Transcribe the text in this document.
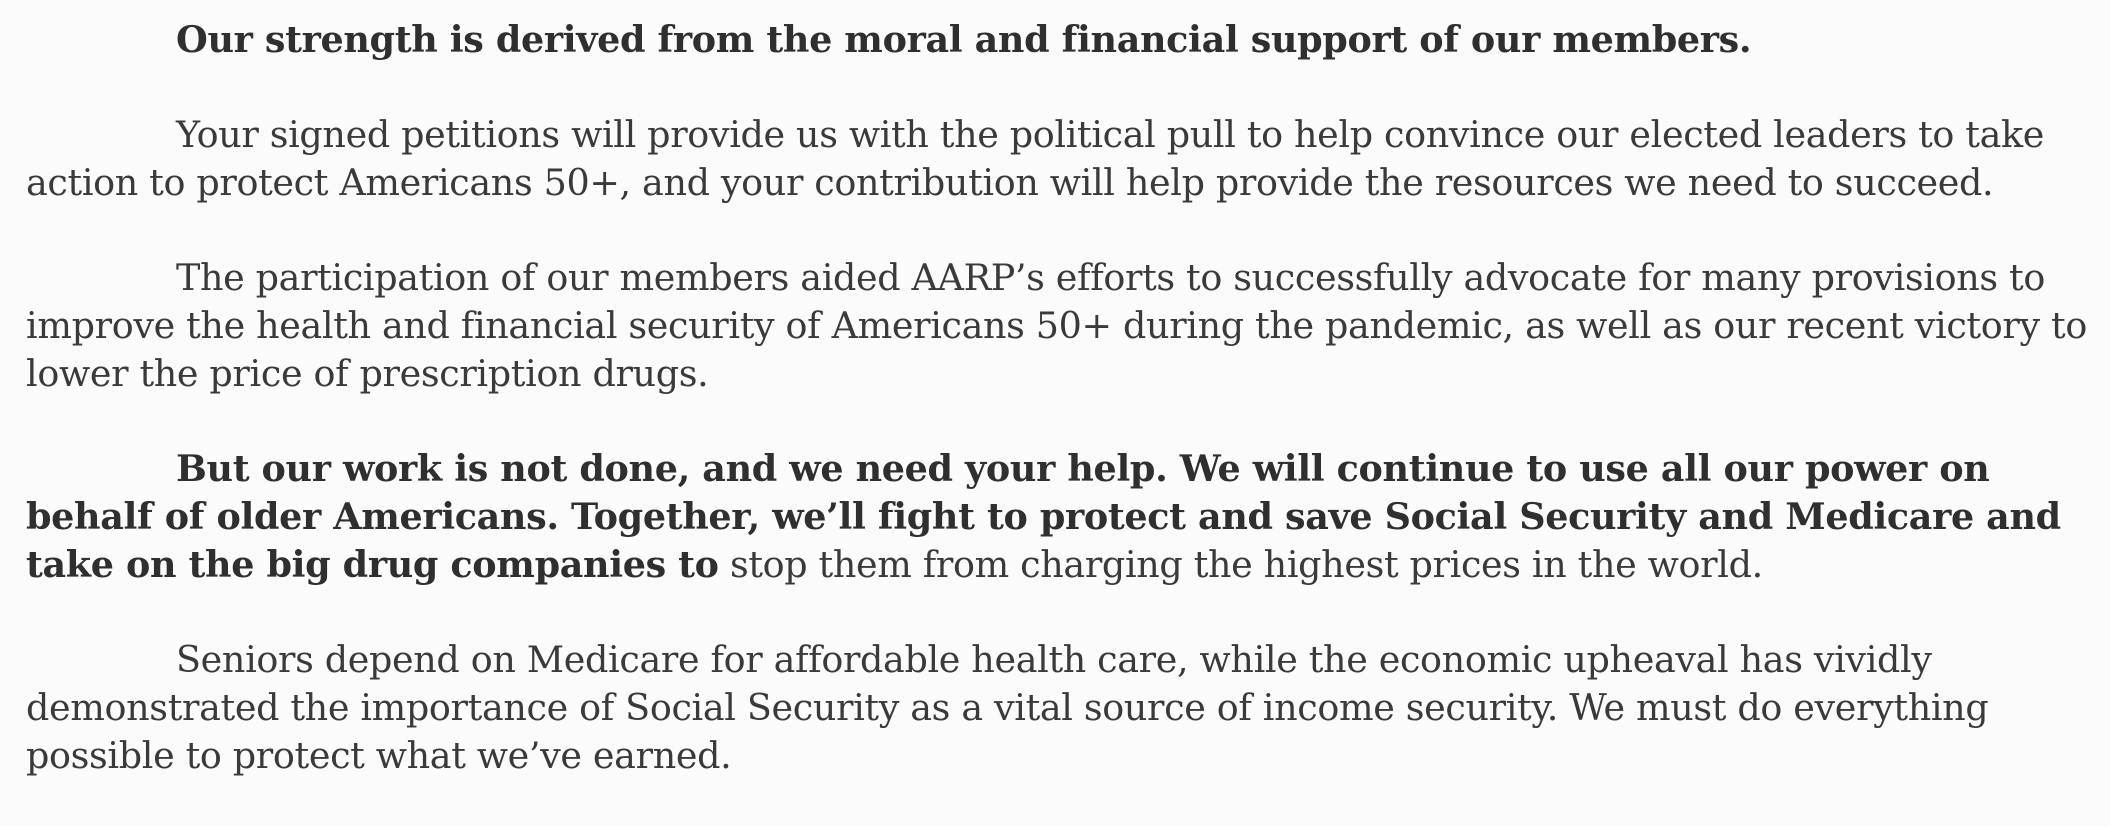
Our strength is derived from the moral and financial support of our members.

Your signed petitions will provide us with the political pull to help convince our elected leaders to take action to protect Americans 50+, and your contribution will help provide the resources we need to succeed.

The participation of our members aided AARP’s efforts to successfully advocate for many provisions to improve the health and financial security of Americans 50+ during the pandemic, as well as our recent victory to lower the price of prescription drugs.

But our work is not done, and we need your help. We will continue to use all our power on behalf of older Americans. Together, we’ll fight to protect and save Social Security and Medicare and take on the big drug companies to stop them from charging the highest prices in the world.

Seniors depend on Medicare for affordable health care, while the economic upheaval has vividly demonstrated the importance of Social Security as a vital source of income security. We must do everything possible to protect what we’ve earned.
